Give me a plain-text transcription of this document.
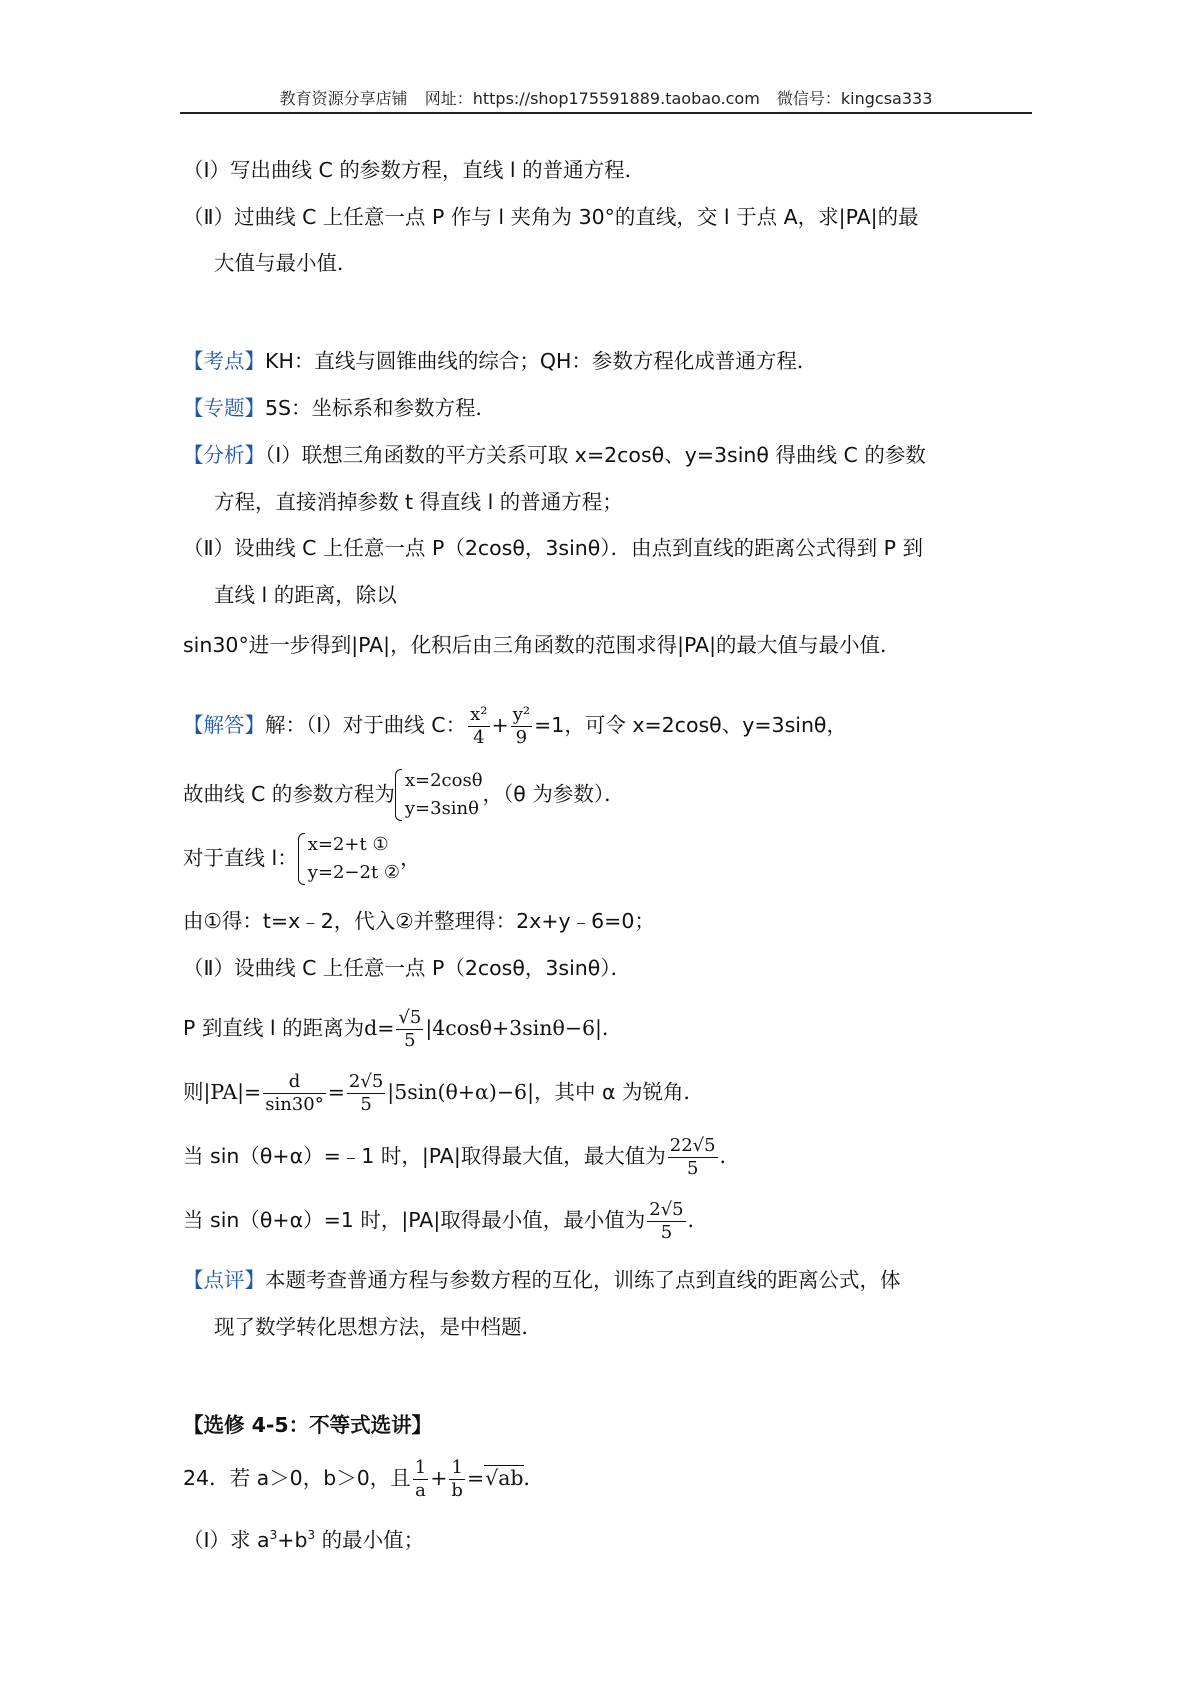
教育资源分享店铺 网址：https://shop175591889.taobao.com 微信号：kingcsa333
（Ⅰ）写出曲线 C 的参数方程，直线 l 的普通方程．
（Ⅱ）过曲线 C 上任意一点 P 作与 l 夹角为 30°的直线，交 l 于点 A，求|PA|的最
大值与最小值．
【考点】KH：直线与圆锥曲线的综合；QH：参数方程化成普通方程．
【专题】5S：坐标系和参数方程．
【分析】（Ⅰ）联想三角函数的平方关系可取 x=2cosθ、y=3sinθ 得曲线 C 的参数
方程，直接消掉参数 t 得直线 l 的普通方程；
（Ⅱ）设曲线 C 上任意一点 P（2cosθ，3sinθ）．由点到直线的距离公式得到 P 到
直线 l 的距离，除以
sin30°进一步得到|PA|，化积后由三角函数的范围求得|PA|的最大值与最小值．
【解答】解：（Ⅰ）对于曲线 C： $\frac{\text{x²}}{4} + \frac{\text{y²}}{9} =1$，可令 x=2cosθ、y=3sinθ，
故曲线 C 的参数方程为
x=2cosθ
y=3sinθ
，（θ 为参数）．
对于直线 l：
x=2+t ①
y=2−2t ②
，
由①得：t=x﹣2，代入②并整理得：2x+y﹣6=0；
（Ⅱ）设曲线 C 上任意一点 P（2cosθ，3sinθ）．
P 到直线 l 的距离为$d= \frac{√5}{5} |4\cos\theta+3\sin\theta-6|$．
则$|PA|= \frac{d}{\sin 30^\circ} = \frac{2√5}{5} |5\sin(\theta+\alpha)-6|$，其中 α 为锐角．
当 sin（θ+α）=﹣1 时，|PA|取得最大值，最大值为 $\frac{22√5}{5}$ ．
当 sin（θ+α）=1 时，|PA|取得最小值，最小值为 $\frac{2√5}{5}$ ．
【点评】本题考查普通方程与参数方程的互化，训练了点到直线的距离公式，体
现了数学转化思想方法，是中档题．
【选修 4-5：不等式选讲】
24．若 a＞0，b＞0，且 $\frac{1}{a} + \frac{1}{b} =√ab$．
（Ⅰ）求 $a^3+b^3$ 的最小值；
